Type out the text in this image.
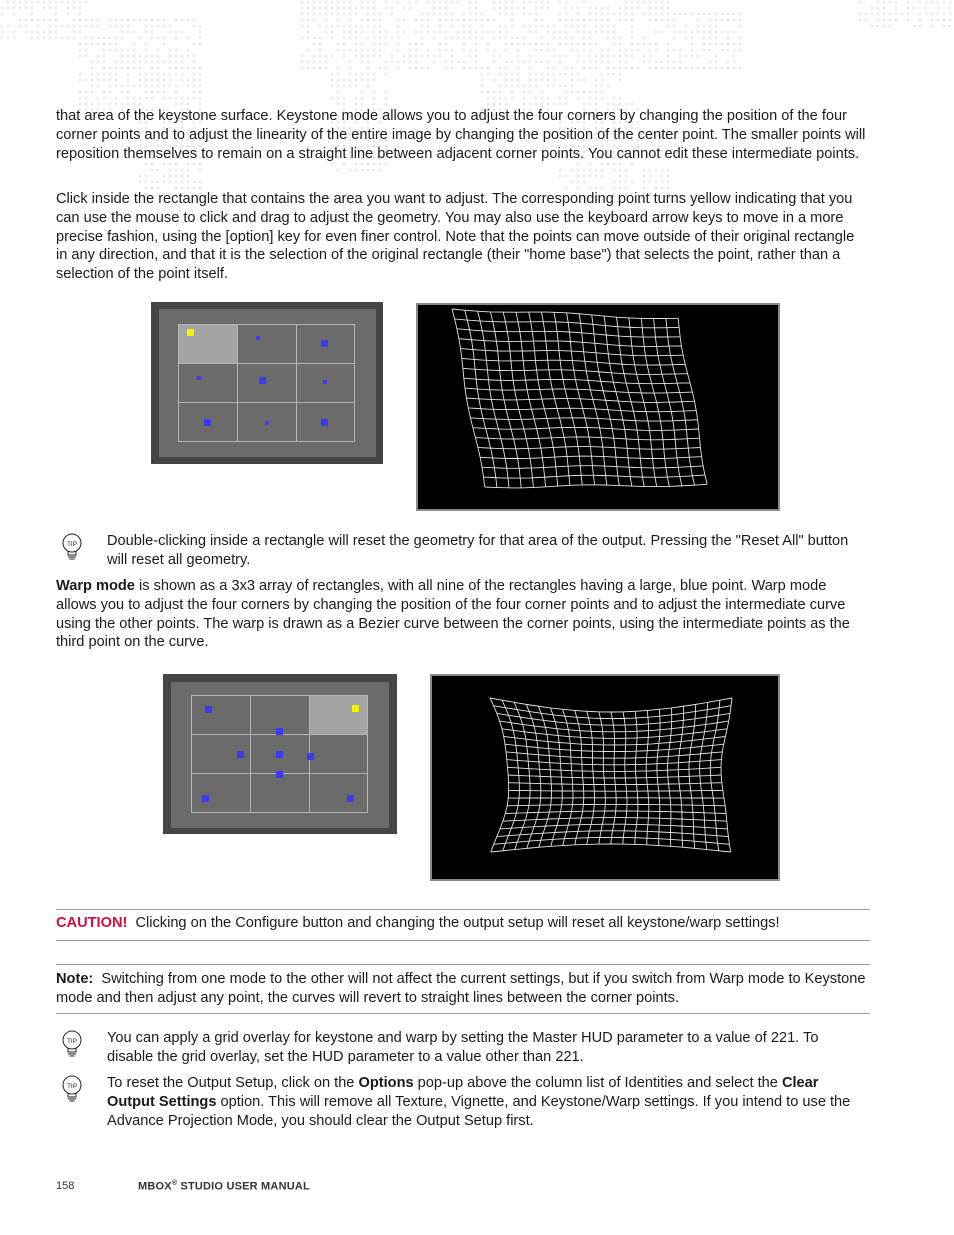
that area of the keystone surface. Keystone mode allows you to adjust the four corners by changing the position of the four corner points and to adjust the linearity of the entire image by changing the position of the center point. The smaller points will reposition themselves to remain on a straight line between adjacent corner points. You cannot edit these intermediate points.

Click inside the rectangle that contains the area you want to adjust. The corresponding point turns yellow indicating that you can use the mouse to click and drag to adjust the geometry. You may also use the keyboard arrow keys to move in a more precise fashion, using the [option] key for even finer control. Note that the points can move outside of their original rectangle in any direction, and that it is the selection of the original rectangle (their "home base") that selects the point, rather than a selection of the point itself.

TIP Double-clicking inside a rectangle will reset the geometry for that area of the output. Pressing the "Reset All" button will reset all geometry.

Warp mode is shown as a 3x3 array of rectangles, with all nine of the rectangles having a large, blue point. Warp mode allows you to adjust the four corners by changing the position of the four corner points and to adjust the intermediate curve using the other points. The warp is drawn as a Bezier curve between the corner points, using the intermediate points as the third point on the curve.

CAUTION! Clicking on the Configure button and changing the output setup will reset all keystone/warp settings!

Note: Switching from one mode to the other will not affect the current settings, but if you switch from Warp mode to Keystone mode and then adjust any point, the curves will revert to straight lines between the corner points.

TIP You can apply a grid overlay for keystone and warp by setting the Master HUD parameter to a value of 221. To disable the grid overlay, set the HUD parameter to a value other than 221.
TIP To reset the Output Setup, click on the Options pop-up above the column list of Identities and select the Clear Output Settings option. This will remove all Texture, Vignette, and Keystone/Warp settings. If you intend to use the Advance Projection Mode, you should clear the Output Setup first.
158	MBOX® STUDIO USER MANUAL
